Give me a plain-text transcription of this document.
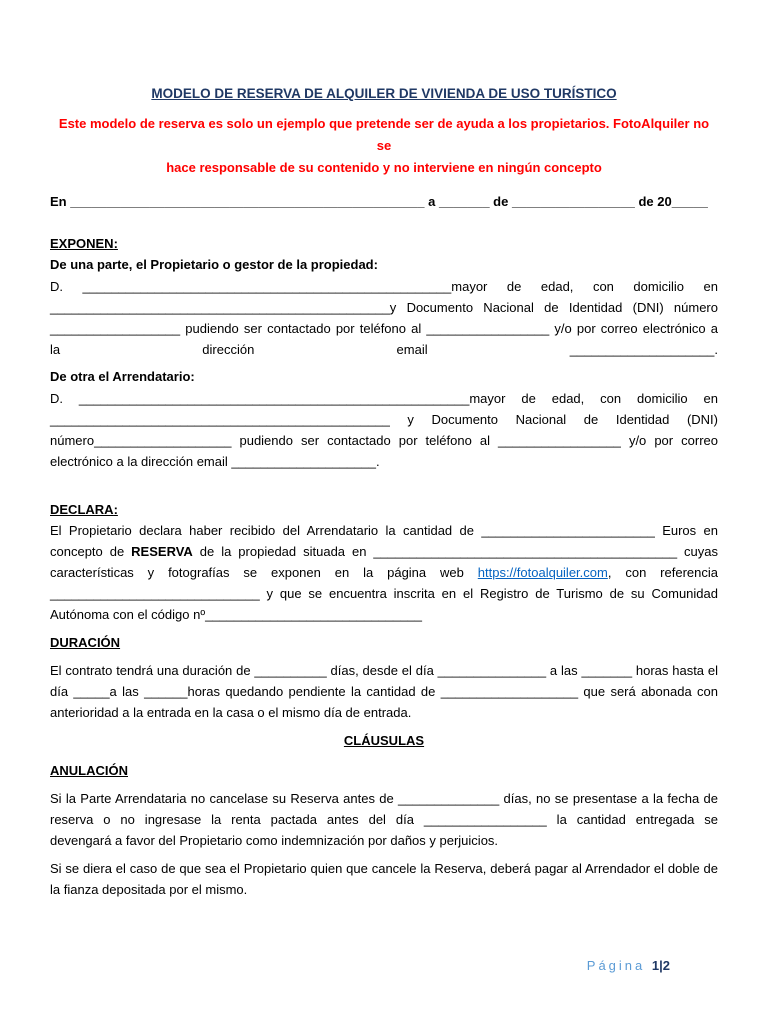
MODELO DE RESERVA DE ALQUILER DE VIVIENDA DE USO TURÍSTICO
Este modelo de reserva es solo un ejemplo que pretende ser de ayuda a los propietarios. FotoAlquiler no se
hace responsable de su contenido y no interviene en ningún concepto
En _________________________________________________ a _______ de _________________ de 20_____
EXPONEN:
De una parte, el Propietario o gestor de la propiedad:
D. ___________________________________________________mayor de edad, con domicilio en
_______________________________________________y Documento Nacional de Identidad (DNI) número
__________________ pudiendo ser contactado por teléfono al _________________ y/o por correo electrónico a
la dirección email ____________________.
De otra el Arrendatario:
D. ______________________________________________________mayor de edad, con domicilio en
_______________________________________________ y Documento Nacional de Identidad (DNI)
número___________________ pudiendo ser contactado por teléfono al _________________ y/o por correo
electrónico a la dirección email ____________________.
DECLARA:
El Propietario declara haber recibido del Arrendatario la cantidad de ________________________ Euros en
concepto de RESERVA de la propiedad situada en __________________________________________ cuyas
características y fotografías se exponen en la página web https://fotoalquiler.com, con referencia
_____________________________ y que se encuentra inscrita en el Registro de Turismo de su Comunidad
Autónoma con el código nº______________________________
DURACIÓN
El contrato tendrá una duración de __________ días, desde el día _______________ a las _______ horas hasta el
día _____a las ______horas quedando pendiente la cantidad de ___________________ que será abonada con
anterioridad a la entrada en la casa o el mismo día de entrada.
CLÁUSULAS
ANULACIÓN
Si la Parte Arrendataria no cancelase su Reserva antes de ______________ días, no se presentase a la fecha de
reserva o no ingresase la renta pactada antes del día _________________ la cantidad entregada se
devengará a favor del Propietario como indemnización por daños y perjuicios.
Si se diera el caso de que sea el Propietario quien que cancele la Reserva, deberá pagar al Arrendador el doble de
la fianza depositada por el mismo.
Página 1|2
